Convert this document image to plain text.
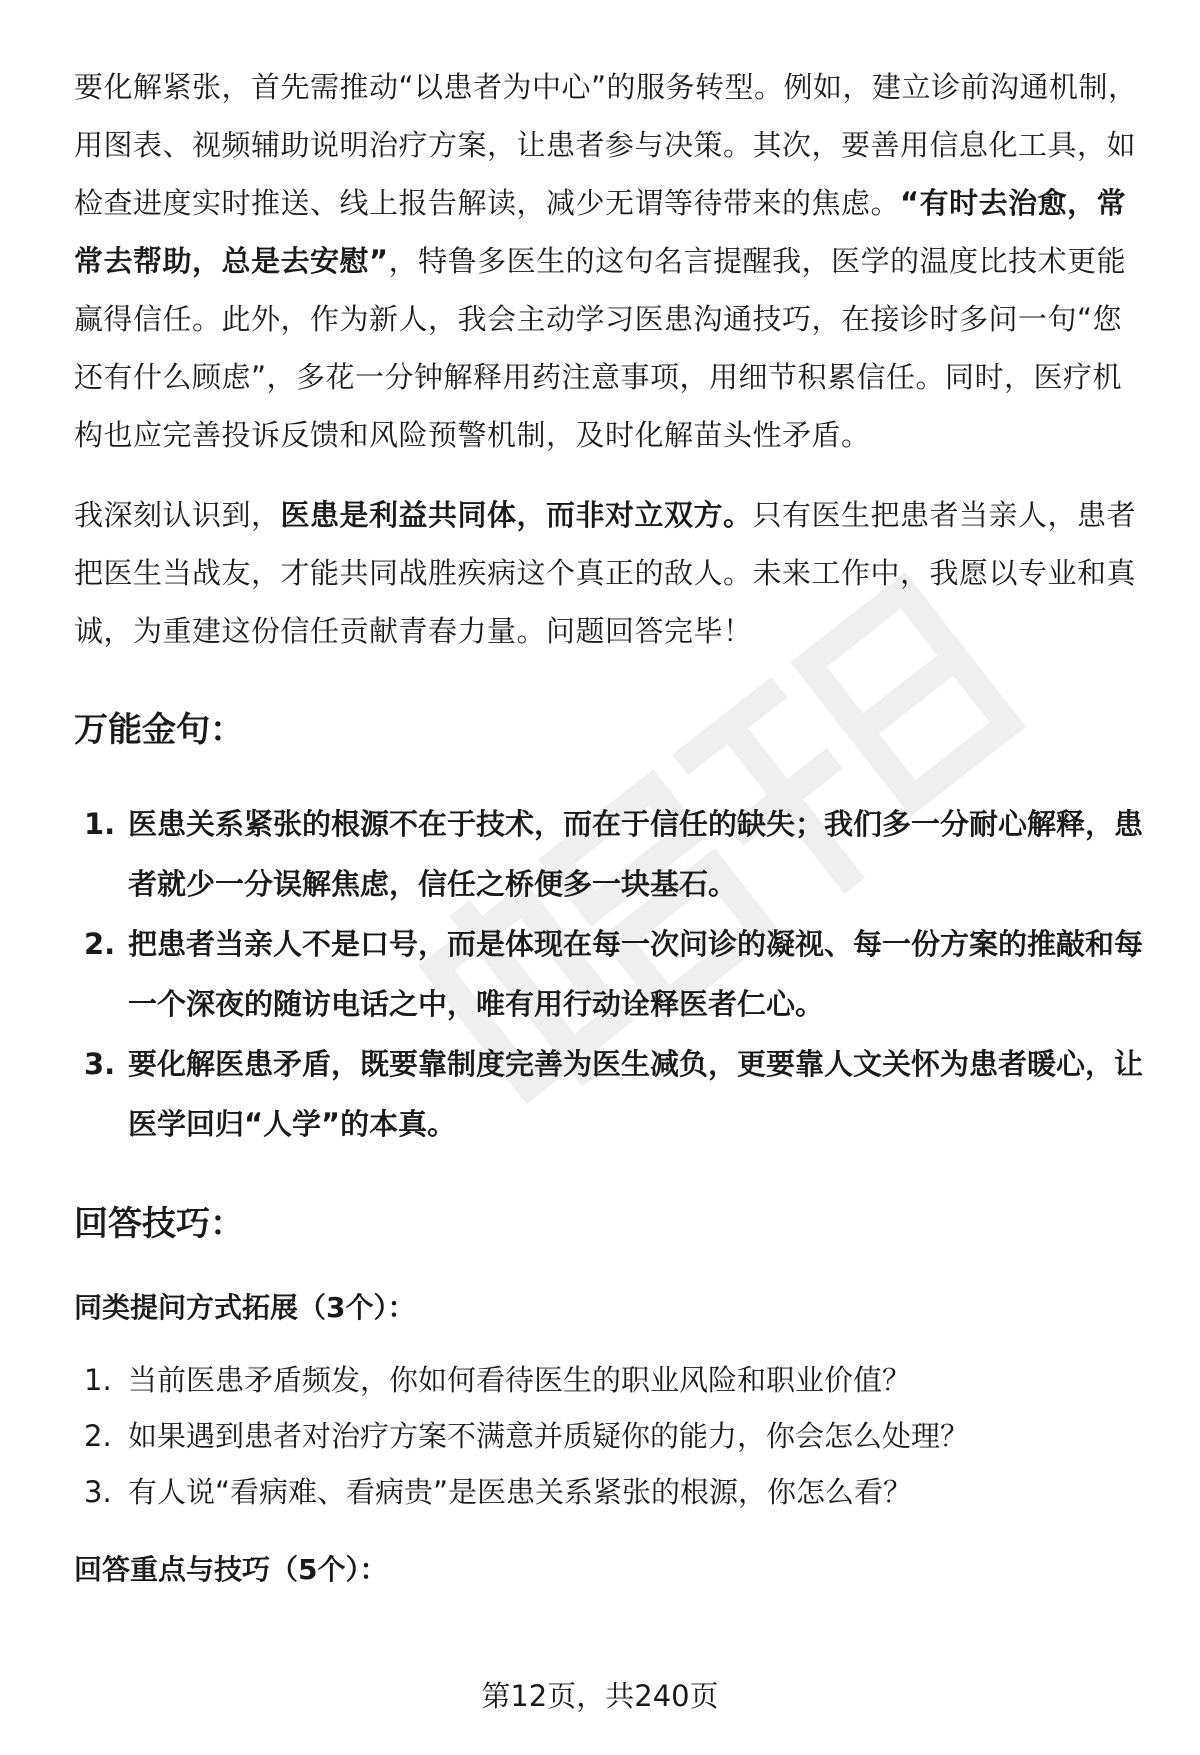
要化解紧张，首先需推动“以患者为中心”的服务转型。例如，建立诊前沟通机制，用图表、视频辅助说明治疗方案，让患者参与决策。其次，要善用信息化工具，如检查进度实时推送、线上报告解读，减少无谓等待带来的焦虑。“有时去治愈，常常去帮助，总是去安慰”，特鲁多医生的这句名言提醒我，医学的温度比技术更能赢得信任。此外，作为新人，我会主动学习医患沟通技巧，在接诊时多问一句“您还有什么顾虑”，多花一分钟解释用药注意事项，用细节积累信任。同时，医疗机构也应完善投诉反馈和风险预警机制，及时化解苗头性矛盾。

我深刻认识到，医患是利益共同体，而非对立双方。只有医生把患者当亲人，患者把医生当战友，才能共同战胜疾病这个真正的敌人。未来工作中，我愿以专业和真诚，为重建这份信任贡献青春力量。问题回答完毕！

万能金句：
1. 医患关系紧张的根源不在于技术，而在于信任的缺失；我们多一分耐心解释，患者就少一分误解焦虑，信任之桥便多一块基石。
2. 把患者当亲人不是口号，而是体现在每一次问诊的凝视、每一份方案的推敲和每一个深夜的随访电话之中，唯有用行动诠释医者仁心。
3. 要化解医患矛盾，既要靠制度完善为医生减负，更要靠人文关怀为患者暖心，让医学回归“人学”的本真。
回答技巧：
同类提问方式拓展（3个）：
1. 当前医患矛盾频发，你如何看待医生的职业风险和职业价值？
2. 如果遇到患者对治疗方案不满意并质疑你的能力，你会怎么处理？
3. 有人说“看病难、看病贵”是医患关系紧张的根源，你怎么看？
回答重点与技巧（5个）：
第12页，共240页
